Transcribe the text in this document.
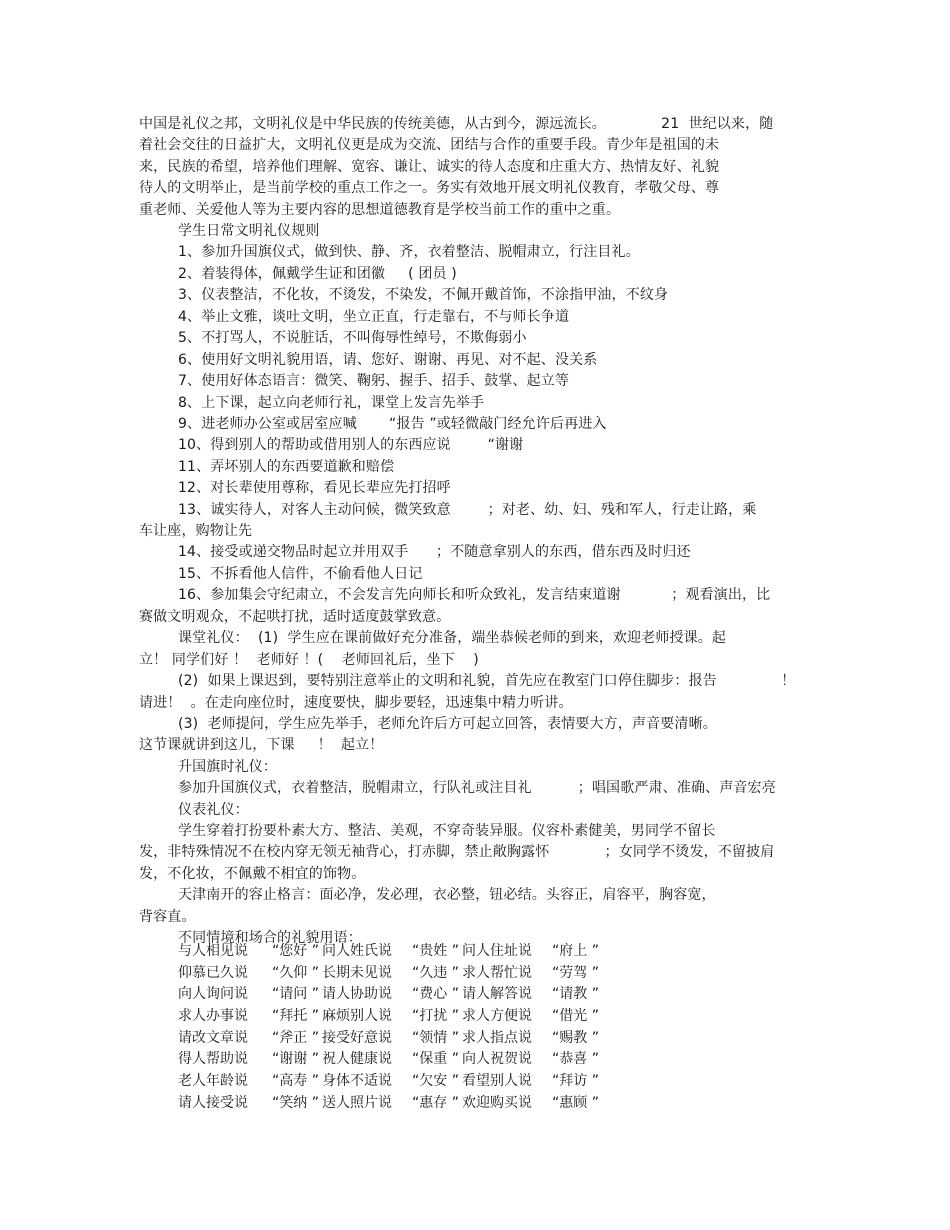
中国是礼仪之邦，文明礼仪是中华民族的传统美德，从古到今，源远流长。            21  世纪以来，随
着社会交往的日益扩大，文明礼仪更是成为交流、团结与合作的重要手段。青少年是祖国的未
来，民族的希望，培养他们理解、宽容、谦让、诚实的待人态度和庄重大方、热情友好、礼貌
待人的文明举止，是当前学校的重点工作之一。务实有效地开展文明礼仪教育，孝敬父母、尊
重老师、关爱他人等为主要内容的思想道德教育是学校当前工作的重中之重。
学生日常文明礼仪规则
1、参加升国旗仪式，做到快、静、齐，衣着整洁、脱帽肃立，行注目礼。
2、着装得体，佩戴学生证和团徽     ( 团员 )
3、仪表整洁，不化妆，不烫发，不染发，不佩开戴首饰，不涂指甲油，不纹身
4、举止文雅，谈吐文明，坐立正直，行走靠右，不与师长争道
5、不打骂人，不说脏话，不叫侮辱性绰号，不欺侮弱小
6、使用好文明礼貌用语，请、您好、谢谢、再见、对不起、没关系
7、使用好体态语言：微笑、鞠躬、握手、招手、鼓掌、起立等
8、上下课，起立向老师行礼，课堂上发言先举手
9、进老师办公室或居室应喊       “报告 ”或轻微敲门经允许后再进入
10、得到别人的帮助或借用别人的东西应说        “谢谢
11、弄坏别人的东西要道歉和赔偿
12、对长辈使用尊称，看见长辈应先打招呼
13、诚实待人，对客人主动问候，微笑致意        ；对老、幼、妇、残和军人，行走让路，乘
车让座，购物让先
14、接受或递交物品时起立并用双手      ；不随意拿别人的东西，借东西及时归还
15、不拆看他人信件，不偷看他人日记
16、参加集会守纪肃立，不会发言先向师长和听众致礼，发言结束道谢           ；观看演出，比
赛做文明观众，不起哄打扰，适时适度鼓掌致意。
课堂礼仪：  (1)  学生应在课前做好充分准备，端坐恭候老师的到来，欢迎老师授课。起
立！ 同学们好 ！  老师好 ！(    老师回礼后，坐下    )
(2)  如果上课迟到，要特别注意举止的文明和礼貌，首先应在教室门口停住脚步：报告              ！
请进！  。在走向座位时，速度要快，脚步要轻，迅速集中精力听讲。
(3)  老师提问，学生应先举手，老师允许后方可起立回答，表情要大方，声音要清晰。
这节课就讲到这儿，下课     ！  起立！
升国旗时礼仪：
参加升国旗仪式，衣着整洁，脱帽肃立，行队礼或注目礼          ；唱国歌严肃、准确、声音宏亮
仪表礼仪：
学生穿着打扮要朴素大方、整洁、美观，不穿奇装异服。仪容朴素健美，男同学不留长
发，非特殊情况不在校内穿无领无袖背心，打赤脚，禁止敞胸露怀            ；女同学不烫发，不留披肩
发，不化妆，不佩戴不相宜的饰物。
天津南开的容止格言：面必净，发必理，衣必整，钮必结。头容正，肩容平，胸容宽，
背容直。
不同情境和场合的礼貌用语：
与人相见说 “您好 ” 问人姓氏说 “贵姓 ” 问人住址说 “府上 ”
仰慕已久说 “久仰 ” 长期未见说 “久违 ” 求人帮忙说 “劳驾 ”
向人询问说 “请问 ” 请人协助说 “费心 ” 请人解答说 “请教 ”
求人办事说 “拜托 ” 麻烦别人说 “打扰 ” 求人方便说 “借光 ”
请改文章说 “斧正 ” 接受好意说 “领情 ” 求人指点说 “赐教 ”
得人帮助说 “谢谢 ” 祝人健康说 “保重 ” 向人祝贺说 “恭喜 ”
老人年龄说 “高寿 ” 身体不适说 “欠安 ” 看望别人说 “拜访 ”
请人接受说 “笑纳 ” 送人照片说 “惠存 ” 欢迎购买说 “惠顾 ”
